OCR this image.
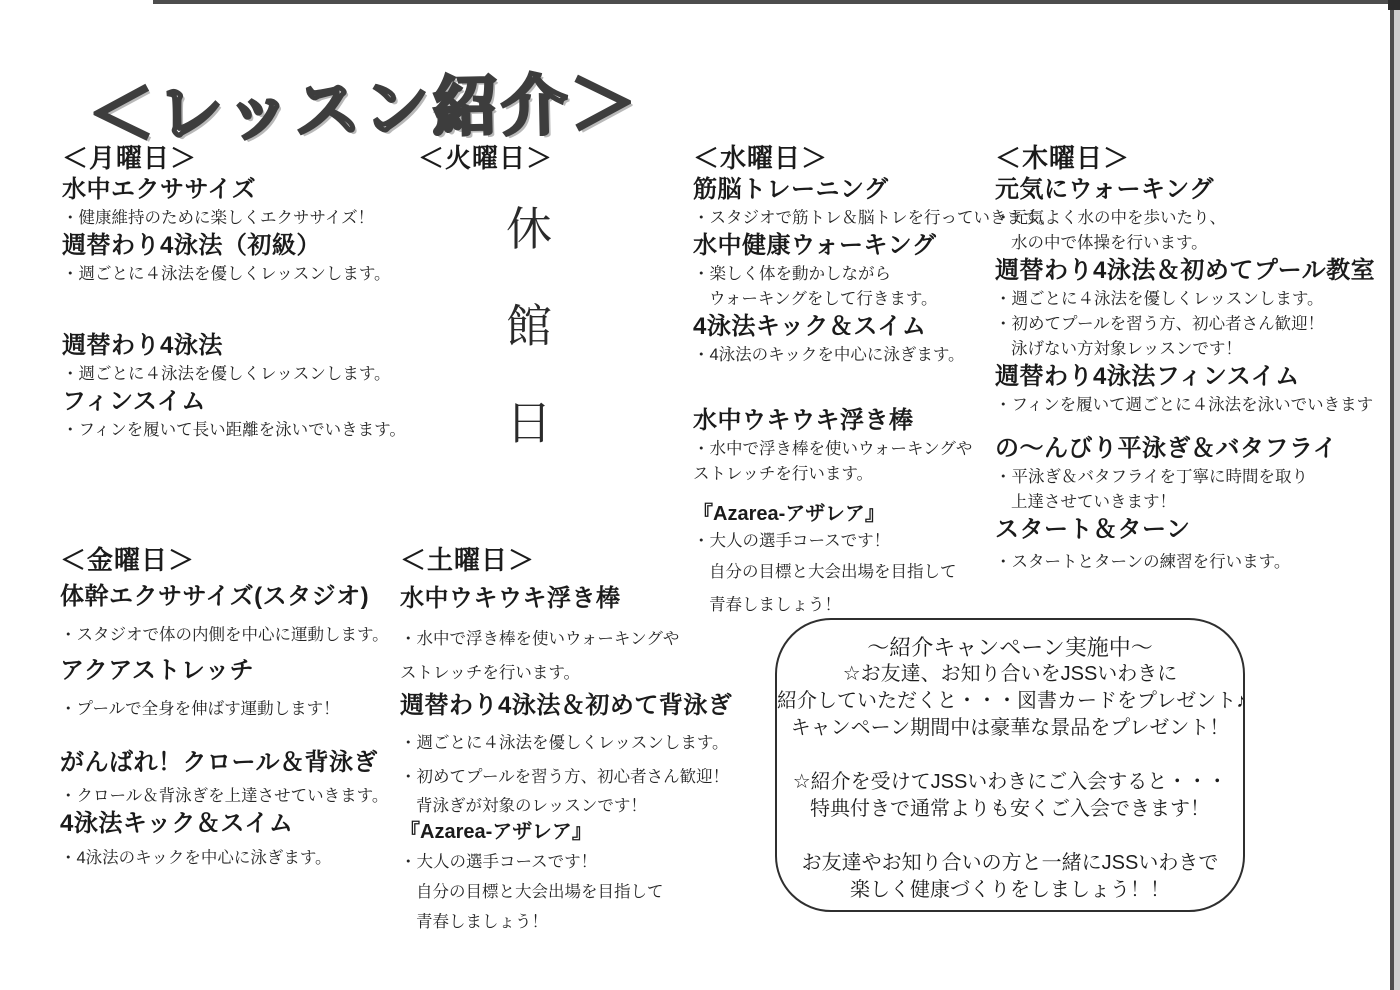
＜レッスン紹介＞
＜月曜日＞
水中エクササイズ
・健康維持のために楽しくエクササイズ！
週替わり4泳法（初級）
・週ごとに４泳法を優しくレッスンします。
週替わり4泳法
・週ごとに４泳法を優しくレッスンします。
フィンスイム
・フィンを履いて長い距離を泳いでいきます。
＜火曜日＞
休
館
日
＜水曜日＞
筋脳トレーニング
・スタジオで筋トレ＆脳トレを行っていきます。
水中健康ウォーキング
・楽しく体を動かしながら
ウォーキングをして行きます。
4泳法キック＆スイム
・4泳法のキックを中心に泳ぎます。
水中ウキウキ浮き棒
・水中で浮き棒を使いウォーキングや
ストレッチを行います。
『Azarea-アザレア』
・大人の選手コースです！
自分の目標と大会出場を目指して
青春しましょう！
＜木曜日＞
元気にウォーキング
・元気よく水の中を歩いたり、
水の中で体操を行います。
週替わり4泳法＆初めてプール教室
・週ごとに４泳法を優しくレッスンします。
・初めてプールを習う方、初心者さん歓迎！
泳げない方対象レッスンです！
週替わり4泳法フィンスイム
・フィンを履いて週ごとに４泳法を泳いでいきます
の〜んびり平泳ぎ＆バタフライ
・平泳ぎ＆バタフライを丁寧に時間を取り
上達させていきます！
スタート＆ターン
・スタートとターンの練習を行います。
＜金曜日＞
体幹エクササイズ(スタジオ)
・スタジオで体の内側を中心に運動します。
アクアストレッチ
・プールで全身を伸ばす運動します！
がんばれ！クロール＆背泳ぎ
・クロール＆背泳ぎを上達させていきます。
4泳法キック＆スイム
・4泳法のキックを中心に泳ぎます。
＜土曜日＞
水中ウキウキ浮き棒
・水中で浮き棒を使いウォーキングや
ストレッチを行います。
週替わり4泳法＆初めて背泳ぎ
・週ごとに４泳法を優しくレッスンします。
・初めてプールを習う方、初心者さん歓迎！
背泳ぎが対象のレッスンです！
『Azarea-アザレア』
・大人の選手コースです！
自分の目標と大会出場を目指して
青春しましょう！
〜紹介キャンペーン実施中〜
☆お友達、お知り合いをJSSいわきに
紹介していただくと・・・図書カードをプレゼント♪
キャンペーン期間中は豪華な景品をプレゼント！

☆紹介を受けてJSSいわきにご入会すると・・・
特典付きで通常よりも安くご入会できます！

お友達やお知り合いの方と一緒にJSSいわきで
楽しく健康づくりをしましょう！！
